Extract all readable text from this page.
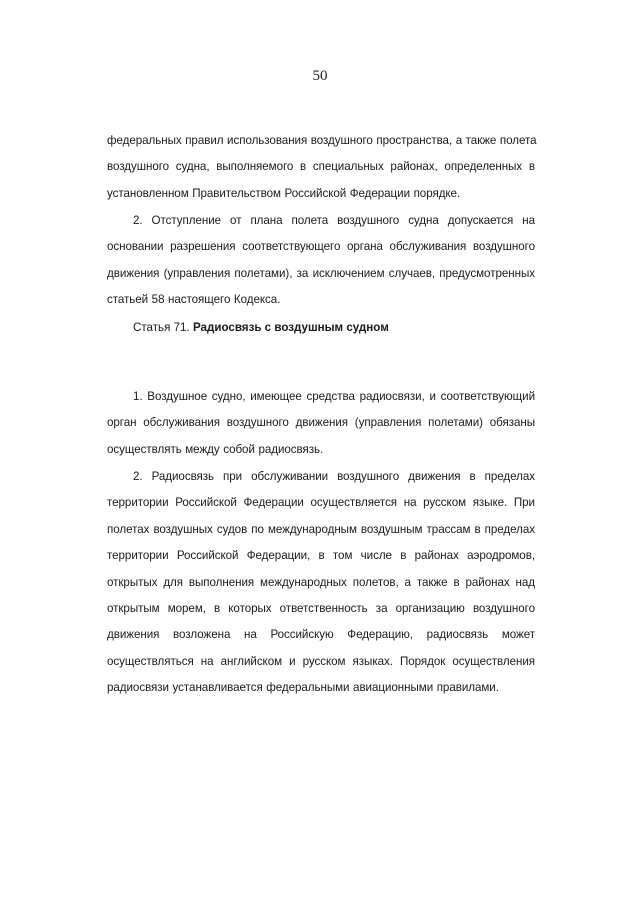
50
федеральных правил использования воздушного пространства, а также полета
воздушного судна, выполняемого в специальных районах, определенных в
установленном Правительством Российской Федерации порядке.
2. Отступление от плана полета воздушного судна допускается на
основании разрешения соответствующего органа обслуживания воздушного
движения (управления полетами), за исключением случаев, предусмотренных
статьей 58 настоящего Кодекса.
Статья 71. Радиосвязь с воздушным судном
1. Воздушное судно, имеющее средства радиосвязи, и соответствующий
орган обслуживания воздушного движения (управления полетами) обязаны
осуществлять между собой радиосвязь.
2. Радиосвязь при обслуживании воздушного движения в пределах
территории Российской Федерации осуществляется на русском языке. При
полетах воздушных судов по международным воздушным трассам в пределах
территории Российской Федерации, в том числе в районах аэродромов,
открытых для выполнения международных полетов, а также в районах над
открытым морем, в которых ответственность за организацию воздушного
движения возложена на Российскую Федерацию, радиосвязь может
осуществляться на английском и русском языках. Порядок осуществления
радиосвязи устанавливается федеральными авиационными правилами.
